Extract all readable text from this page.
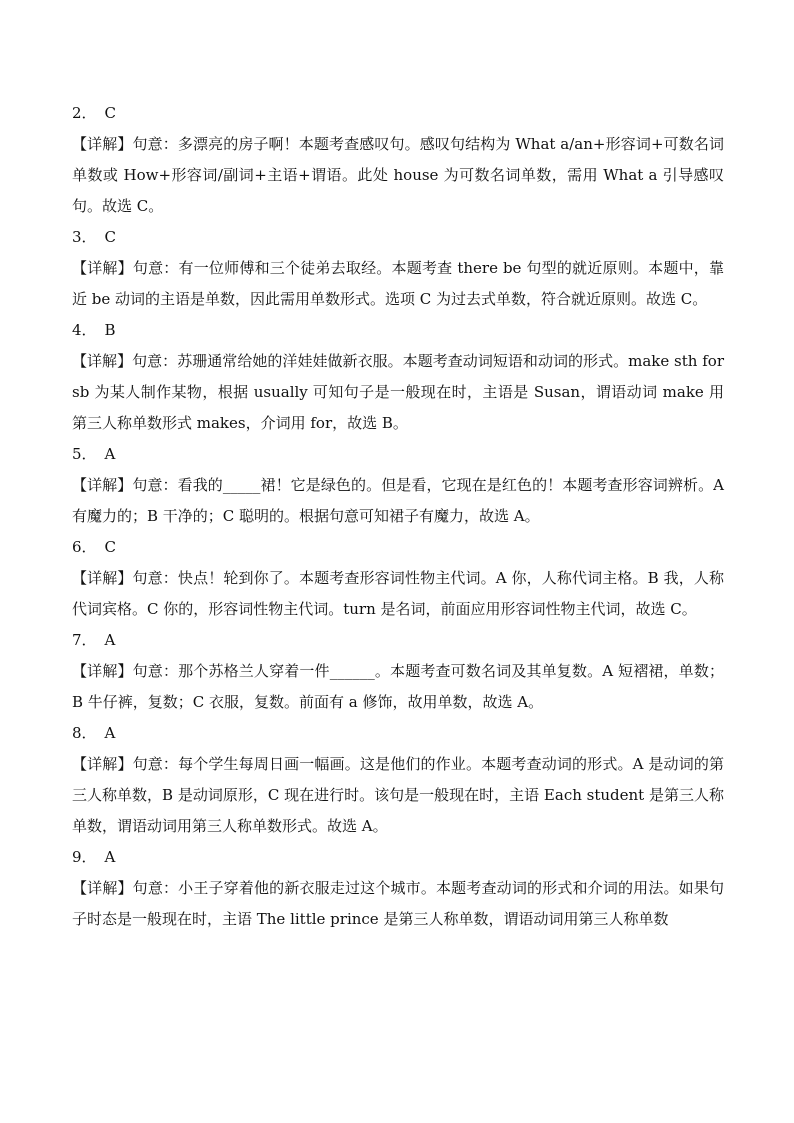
2． C

【详解】句意：多漂亮的房子啊！本题考查感叹句。感叹句结构为 What a/an+形容词+可数名词单数或 How+形容词/副词+主语+谓语。此处 house 为可数名词单数，需用 What a 引导感叹句。故选 C。

3． C

【详解】句意：有一位师傅和三个徒弟去取经。本题考查 there be 句型的就近原则。本题中，靠近 be 动词的主语是单数，因此需用单数形式。选项 C 为过去式单数，符合就近原则。故选 C。

4． B

【详解】句意：苏珊通常给她的洋娃娃做新衣服。本题考查动词短语和动词的形式。make sth for sb 为某人制作某物，根据 usually 可知句子是一般现在时，主语是 Susan，谓语动词 make 用第三人称单数形式 makes，介词用 for，故选 B。

5． A

【详解】句意：看我的_____裙！它是绿色的。但是看，它现在是红色的！本题考查形容词辨析。A 有魔力的；B 干净的；C 聪明的。根据句意可知裙子有魔力，故选 A。

6． C

【详解】句意：快点！轮到你了。本题考查形容词性物主代词。A 你，人称代词主格。B 我，人称代词宾格。C 你的，形容词性物主代词。turn 是名词，前面应用形容词性物主代词，故选 C。

7． A

【详解】句意：那个苏格兰人穿着一件______。本题考查可数名词及其单复数。A 短褶裙，单数；B 牛仔裤，复数；C 衣服，复数。前面有 a 修饰，故用单数，故选 A。

8． A

【详解】句意：每个学生每周日画一幅画。这是他们的作业。本题考查动词的形式。A 是动词的第三人称单数，B 是动词原形，C 现在进行时。该句是一般现在时，主语 Each student 是第三人称单数，谓语动词用第三人称单数形式。故选 A。

9． A

【详解】句意：小王子穿着他的新衣服走过这个城市。本题考查动词的形式和介词的用法。如果句子时态是一般现在时，主语 The little prince 是第三人称单数，谓语动词用第三人称单数
